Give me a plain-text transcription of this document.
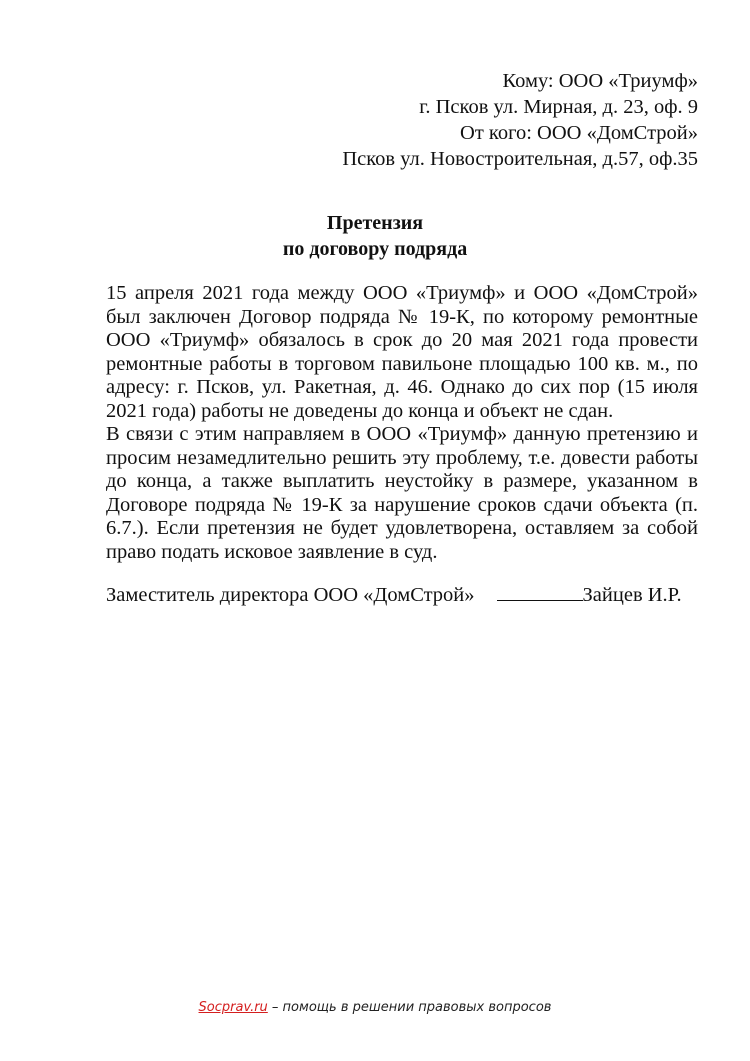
Кому: ООО «Триумф»
г. Псков ул. Мирная, д. 23, оф. 9
От кого: ООО «ДомСтрой»
Псков ул. Новостроительная, д.57, оф.35
Претензия
по договору подряда

15 апреля 2021 года между ООО «Триумф» и ООО «ДомСтрой» был заключен Договор подряда № 19-К, по которому ремонтные ООО «Триумф» обязалось в срок до 20 мая 2021 года провести ремонтные работы в торговом павильоне площадью 100 кв. м., по адресу: г. Псков, ул. Ракетная, д. 46. Однако до сих пор (15 июля 2021 года) работы не доведены до конца и объект не сдан.

В связи с этим направляем в ООО «Триумф» данную претензию и просим незамедлительно решить эту проблему, т.е. довести работы до конца, а также выплатить неустойку в размере, указанном в Договоре подряда № 19-К за нарушение сроков сдачи объекта (п. 6.7.). Если претензия не будет удовлетворена, оставляем за собой право подать исковое заявление в суд.

Заместитель директора ООО «ДомСтрой»	Зайцев И.Р.
Socprav.ru – помощь в решении правовых вопросов
